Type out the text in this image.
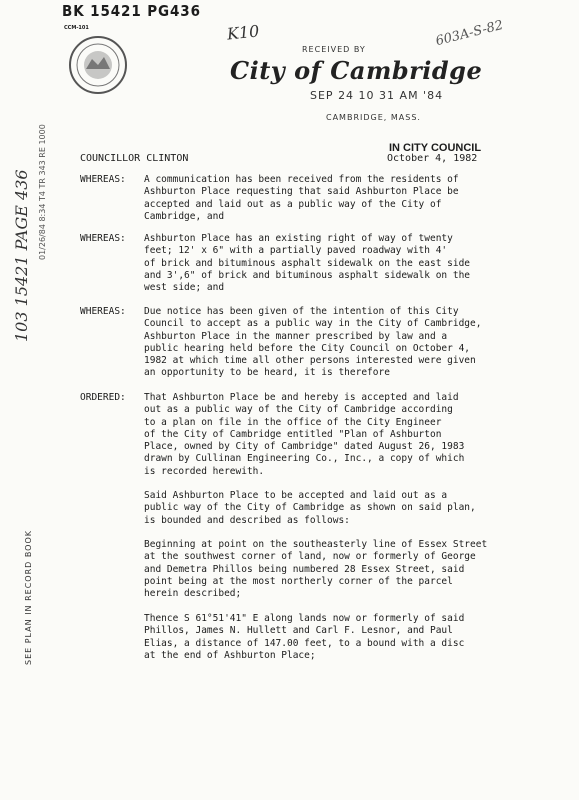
BK 15421 PG436
CCM-101
City of Cambridge
RECEIVED BY
SEP 24 10 31 AM '84
CAMBRIDGE, MASS.
K10	603A-S-82
IN CITY COUNCIL
COUNCILLOR CLINTON	October 4, 1982
WHEREAS: A communication has been received from the residents of
Ashburton Place requesting that said Ashburton Place be
accepted and laid out as a public way of the City of
Cambridge, and
WHEREAS: Ashburton Place has an existing right of way of twenty
feet; 12' x 6" with a partially paved roadway with 4'
of brick and bituminous asphalt sidewalk on the east side
and 3',6" of brick and bituminous asphalt sidewalk on the
west side; and
WHEREAS: Due notice has been given of the intention of this City
Council to accept as a public way in the City of Cambridge,
Ashburton Place in the manner prescribed by law and a
public hearing held before the City Council on October 4,
1982 at which time all other persons interested were given
an opportunity to be heard, it is therefore
ORDERED: That Ashburton Place be and hereby is accepted and laid
out as a public way of the City of Cambridge according
to a plan on file in the office of the City Engineer
of the City of Cambridge entitled "Plan of Ashburton
Place, owned by City of Cambridge" dated August 26, 1983
drawn by Cullinan Engineering Co., Inc., a copy of which
is recorded herewith.
Said Ashburton Place to be accepted and laid out as a
public way of the City of Cambridge as shown on said plan,
is bounded and described as follows:
Beginning at point on the southeasterly line of Essex Street
at the southwest corner of land, now or formerly of George
and Demetra Phillos being numbered 28 Essex Street, said
point being at the most northerly corner of the parcel
herein described;
Thence S 61°51'41" E along lands now or formerly of said
Phillos, James N. Hullett and Carl F. Lesnor, and Paul
Elias, a distance of 147.00 feet, to a bound with a disc
at the end of Ashburton Place;
SEE PLAN IN RECORD BOOK
01/26/84 8:34 T4 TR 343 RE 1000
103 15421 PAGE 436
